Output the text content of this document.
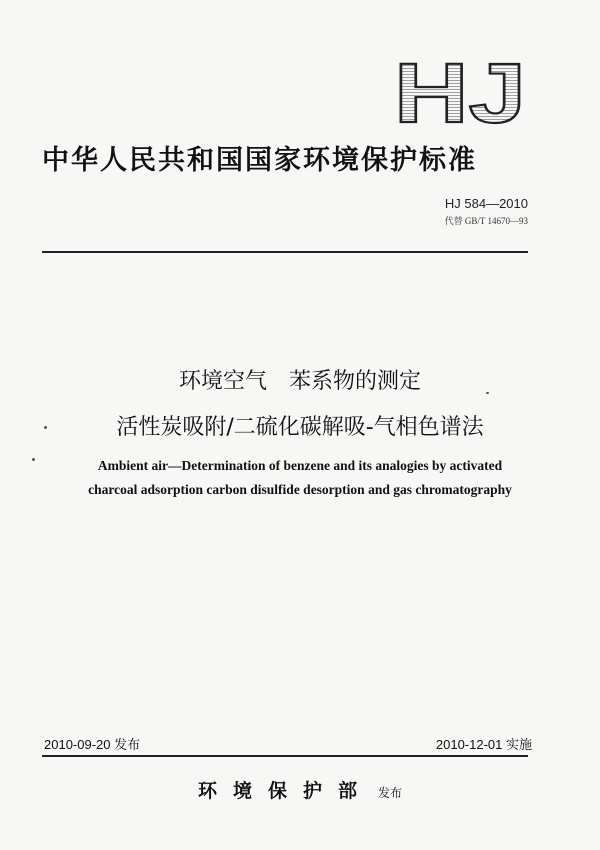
HJ
中华人民共和国国家环境保护标准
HJ 584—2010
代替 GB/T 14670—93
环境空气　苯系物的测定
活性炭吸附/二硫化碳解吸-气相色谱法
Ambient air—Determination of benzene and its analogies by activated
charcoal adsorption carbon disulfide desorption and gas chromatography
2010-09-20 发布	2010-12-01 实施
环境保护部 发布
